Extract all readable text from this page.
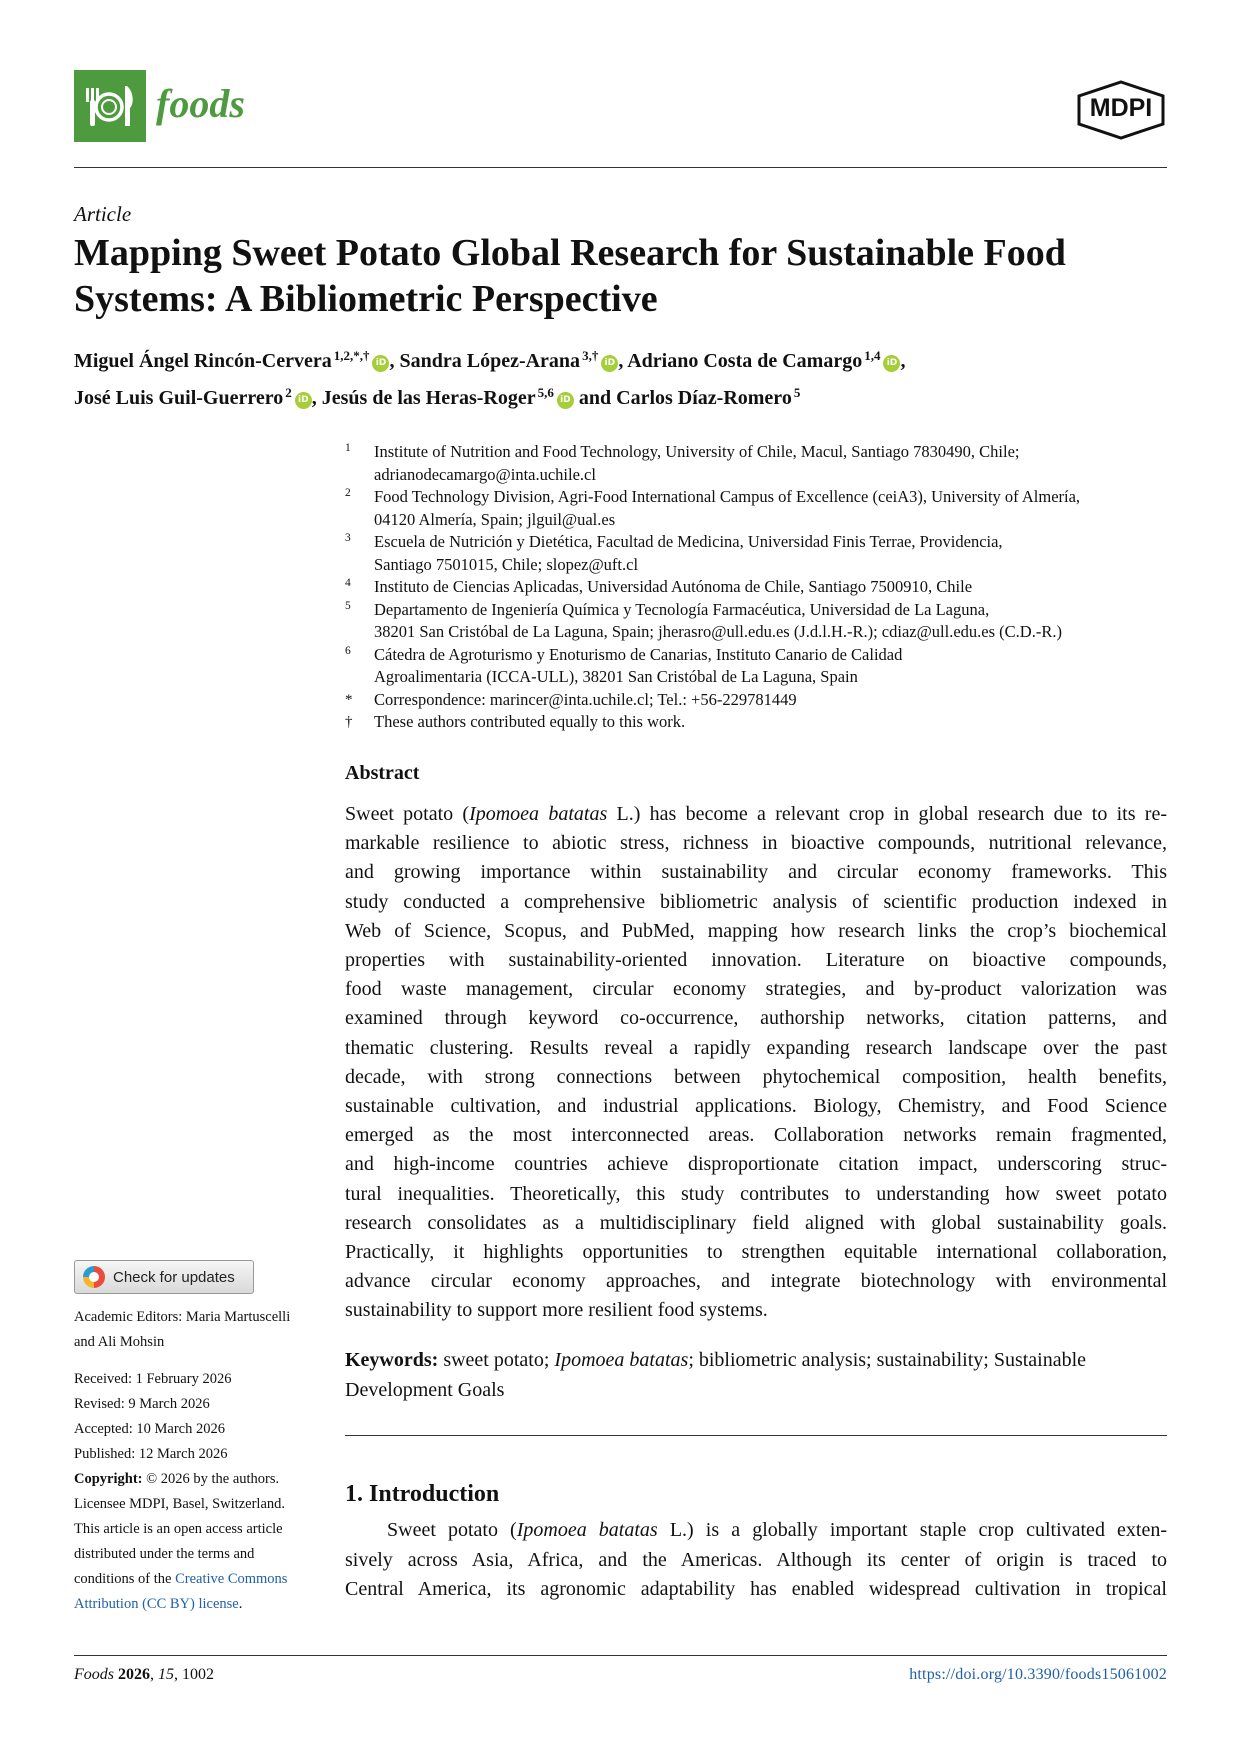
foods	MDPI
Article
Mapping Sweet Potato Global Research for Sustainable Food
Systems: A Bibliometric Perspective
Miguel Ángel Rincón-Cervera $^{1,2,*,\dagger}$ iD , Sandra López-Arana $^{3,\dagger}$ iD , Adriano Costa de Camargo $^{1,4}$ iD ,
José Luis Guil-Guerrero $^2$ iD , Jesús de las Heras-Roger $^{5,6}$ iD and Carlos Díaz-Romero $^5$
1 Institute of Nutrition and Food Technology, University of Chile, Macul, Santiago 7830490, Chile;
adrianodecamargo@inta.uchile.cl
2 Food Technology Division, Agri-Food International Campus of Excellence (ceiA3), University of Almería,
04120 Almería, Spain; jlguil@ual.es
3 Escuela de Nutrición y Dietética, Facultad de Medicina, Universidad Finis Terrae, Providencia,
Santiago 7501015, Chile; slopez@uft.cl
4 Instituto de Ciencias Aplicadas, Universidad Autónoma de Chile, Santiago 7500910, Chile
5 Departamento de Ingeniería Química y Tecnología Farmacéutica, Universidad de La Laguna,
38201 San Cristóbal de La Laguna, Spain; jherasro@ull.edu.es (J.d.l.H.-R.); cdiaz@ull.edu.es (C.D.-R.)
6 Cátedra de Agroturismo y Enoturismo de Canarias, Instituto Canario de Calidad
Agroalimentaria (ICCA-ULL), 38201 San Cristóbal de La Laguna, Spain
* Correspondence: marincer@inta.uchile.cl; Tel.: +56-229781449
† These authors contributed equally to this work.
Abstract
Sweet potato (Ipomoea batatas L.) has become a relevant crop in global research due to its re-
markable resilience to abiotic stress, richness in bioactive compounds, nutritional relevance,
and growing importance within sustainability and circular economy frameworks. This
study conducted a comprehensive bibliometric analysis of scientific production indexed in
Web of Science, Scopus, and PubMed, mapping how research links the crop’s biochemical
properties with sustainability-oriented innovation. Literature on bioactive compounds,
food waste management, circular economy strategies, and by-product valorization was
examined through keyword co-occurrence, authorship networks, citation patterns, and
thematic clustering. Results reveal a rapidly expanding research landscape over the past
decade, with strong connections between phytochemical composition, health benefits,
sustainable cultivation, and industrial applications. Biology, Chemistry, and Food Science
emerged as the most interconnected areas. Collaboration networks remain fragmented,
and high-income countries achieve disproportionate citation impact, underscoring struc-
tural inequalities. Theoretically, this study contributes to understanding how sweet potato
research consolidates as a multidisciplinary field aligned with global sustainability goals.
Practically, it highlights opportunities to strengthen equitable international collaboration,
advance circular economy approaches, and integrate biotechnology with environmental
sustainability to support more resilient food systems.
Keywords: sweet potato; Ipomoea batatas; bibliometric analysis; sustainability; Sustainable
Development Goals
1. Introduction
Sweet potato (Ipomoea batatas L.) is a globally important staple crop cultivated exten-
sively across Asia, Africa, and the Americas. Although its center of origin is traced to
Central America, its agronomic adaptability has enabled widespread cultivation in tropical
Check for updates
Academic Editors: Maria Martuscelli
and Ali Mohsin
Received: 1 February 2026
Revised: 9 March 2026
Accepted: 10 March 2026
Published: 12 March 2026
Copyright: © 2026 by the authors.
Licensee MDPI, Basel, Switzerland.
This article is an open access article
distributed under the terms and
conditions of the Creative Commons
Attribution (CC BY) license.
Foods 2026, 15, 1002	https://doi.org/10.3390/foods15061002
